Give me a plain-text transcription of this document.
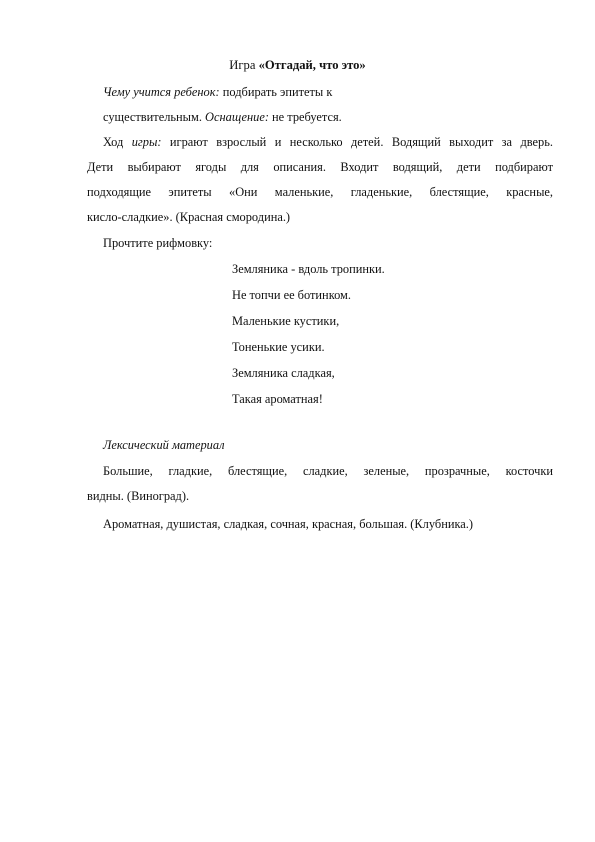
Игра «Отгадай, что это»
Чему учится ребенок: подбирать эпитеты к
существительным. Оснащение: не требуется.
Ход игры: играют взрослый и несколько детей. Водящий выходит за дверь.
Дети выбирают ягоды для описания. Входит водящий, дети подбирают
подходящие эпитеты «Они маленькие, гладенькие, блестящие, красные,
кисло-сладкие». (Красная смородина.)
Прочтите рифмовку:
Земляника - вдоль тропинки.
Не топчи ее ботинком.
Маленькие кустики,
Тоненькие усики.
Земляника сладкая,
Такая ароматная!
Лексический материал
Большие, гладкие, блестящие, сладкие, зеленые, прозрачные, косточки
видны. (Виноград).
Ароматная, душистая, сладкая, сочная, красная, большая. (Клубника.)
